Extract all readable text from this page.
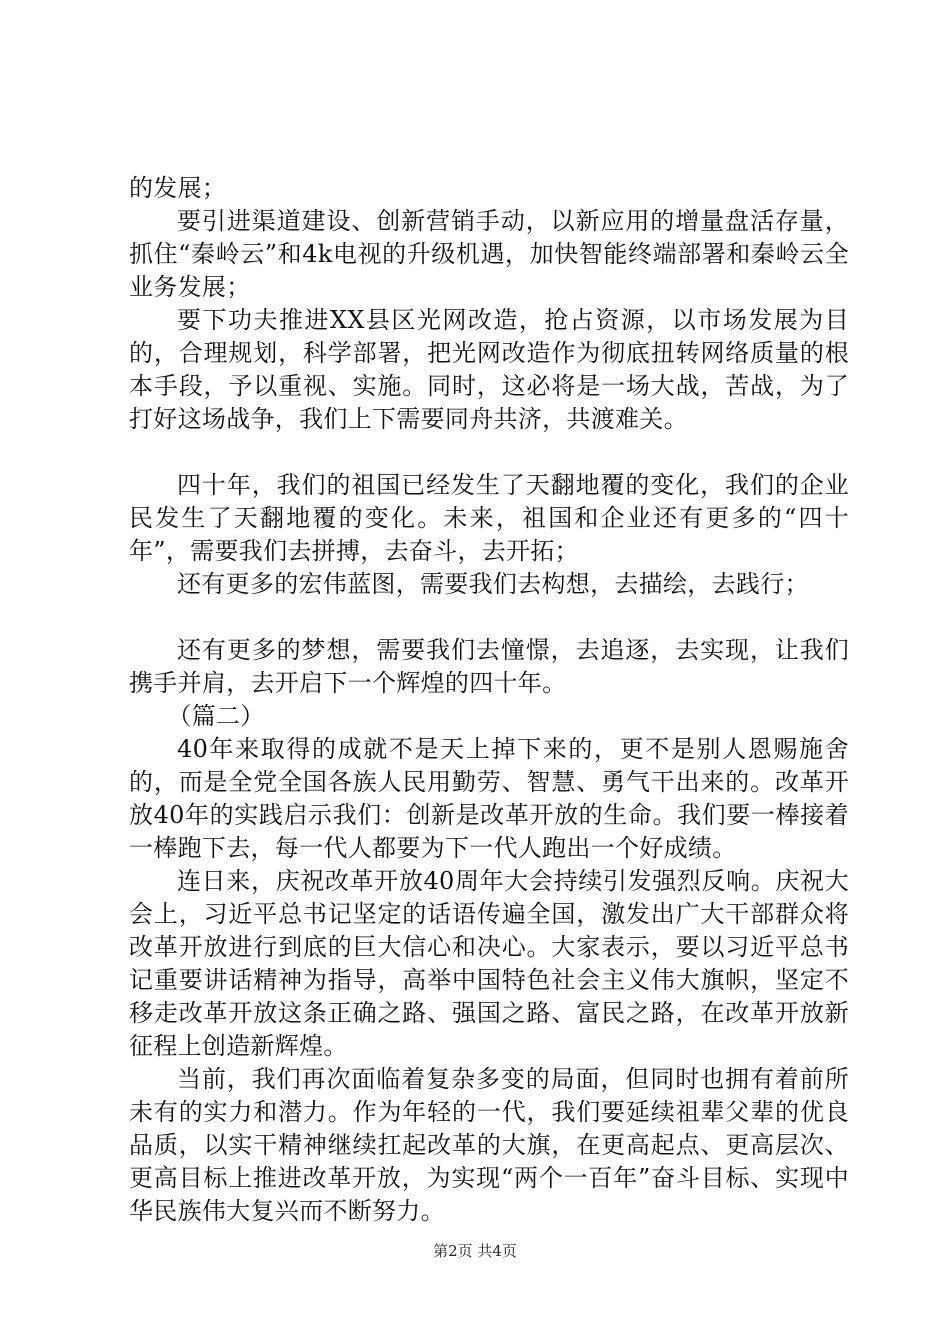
的发展；

要引进渠道建设、创新营销手动，以新应用的增量盘活存量，抓住“秦岭云”和4k电视的升级机遇，加快智能终端部署和秦岭云全业务发展；

要下功夫推进XX县区光网改造，抢占资源，以市场发展为目的，合理规划，科学部署，把光网改造作为彻底扭转网络质量的根本手段，予以重视、实施。同时，这必将是一场大战，苦战，为了打好这场战争，我们上下需要同舟共济，共渡难关。

四十年，我们的祖国已经发生了天翻地覆的变化，我们的企业民发生了天翻地覆的变化。未来，祖国和企业还有更多的“四十年”，需要我们去拼搏，去奋斗，去开拓；

还有更多的宏伟蓝图，需要我们去构想，去描绘，去践行；

还有更多的梦想，需要我们去憧憬，去追逐，去实现，让我们携手并肩，去开启下一个辉煌的四十年。

（篇二）

40年来取得的成就不是天上掉下来的，更不是别人恩赐施舍的，而是全党全国各族人民用勤劳、智慧、勇气干出来的。改革开放40年的实践启示我们：创新是改革开放的生命。我们要一棒接着一棒跑下去，每一代人都要为下一代人跑出一个好成绩。

连日来，庆祝改革开放40周年大会持续引发强烈反响。庆祝大会上，习近平总书记坚定的话语传遍全国，激发出广大干部群众将改革开放进行到底的巨大信心和决心。大家表示，要以习近平总书记重要讲话精神为指导，高举中国特色社会主义伟大旗帜，坚定不移走改革开放这条正确之路、强国之路、富民之路，在改革开放新征程上创造新辉煌。

当前，我们再次面临着复杂多变的局面，但同时也拥有着前所未有的实力和潜力。作为年轻的一代，我们要延续祖辈父辈的优良品质，以实干精神继续扛起改革的大旗，在更高起点、更高层次、更高目标上推进改革开放，为实现“两个一百年”奋斗目标、实现中华民族伟大复兴而不断努力。

第2页 共4页
